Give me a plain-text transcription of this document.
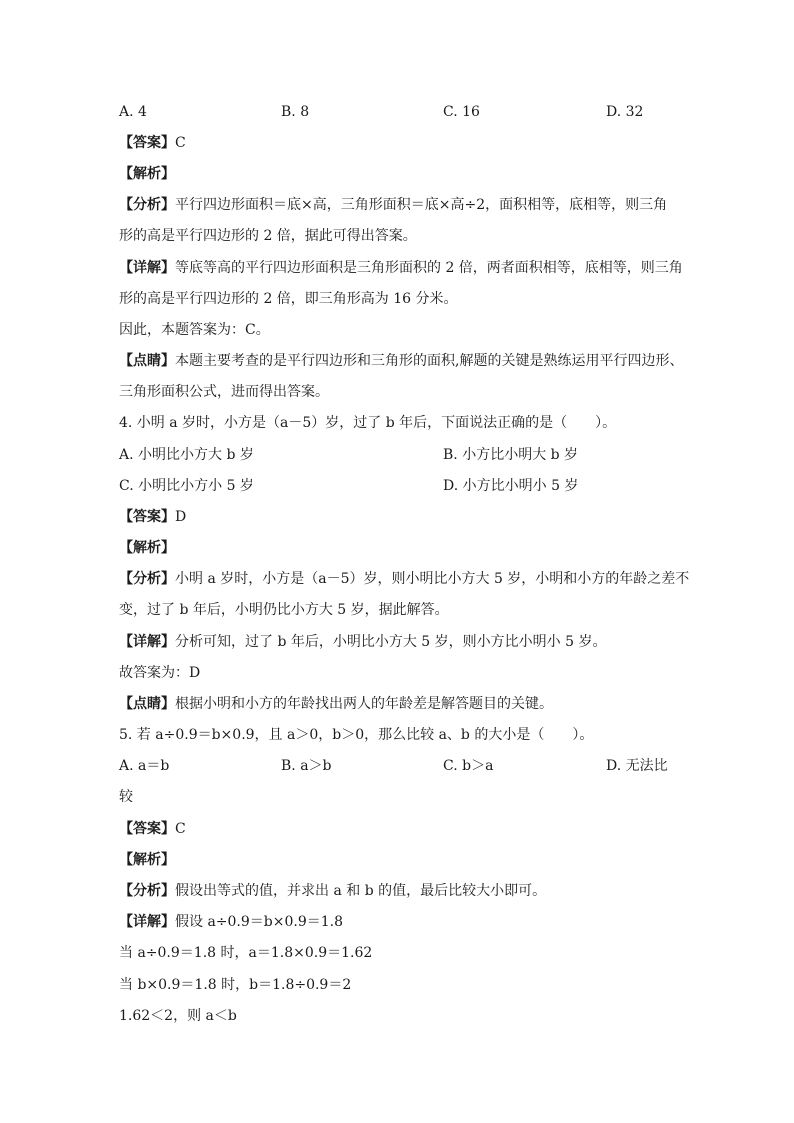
A. 4	B. 8	C. 16	D. 32
【答案】C
【解析】
【分析】平行四边形面积＝底×高，三角形面积＝底×高÷2，面积相等，底相等，则三角
形的高是平行四边形的 2 倍，据此可得出答案。
【详解】等底等高的平行四边形面积是三角形面积的 2 倍，两者面积相等，底相等，则三角
形的高是平行四边形的 2 倍，即三角形高为 16 分米。
因此，本题答案为：C。
【点睛】本题主要考查的是平行四边形和三角形的面积,解题的关键是熟练运用平行四边形、
三角形面积公式，进而得出答案。
4. 小明 a 岁时，小方是（a－5）岁，过了 b 年后，下面说法正确的是（　　）。
A. 小明比小方大 b 岁	B. 小方比小明大 b 岁
C. 小明比小方小 5 岁	D. 小方比小明小 5 岁
【答案】D
【解析】
【分析】小明 a 岁时，小方是（a－5）岁，则小明比小方大 5 岁，小明和小方的年龄之差不
变，过了 b 年后，小明仍比小方大 5 岁，据此解答。
【详解】分析可知，过了 b 年后，小明比小方大 5 岁，则小方比小明小 5 岁。
故答案为：D
【点睛】根据小明和小方的年龄找出两人的年龄差是解答题目的关键。
5. 若 a÷0.9＝b×0.9，且 a＞0，b＞0，那么比较 a、b 的大小是（　　）。
A. a＝b	B. a＞b	C. b＞a	D. 无法比
较
【答案】C
【解析】
【分析】假设出等式的值，并求出 a 和 b 的值，最后比较大小即可。
【详解】假设 a÷0.9＝b×0.9＝1.8
当 a÷0.9＝1.8 时，a＝1.8×0.9＝1.62
当 b×0.9＝1.8 时，b＝1.8÷0.9＝2
1.62＜2，则 a＜b
